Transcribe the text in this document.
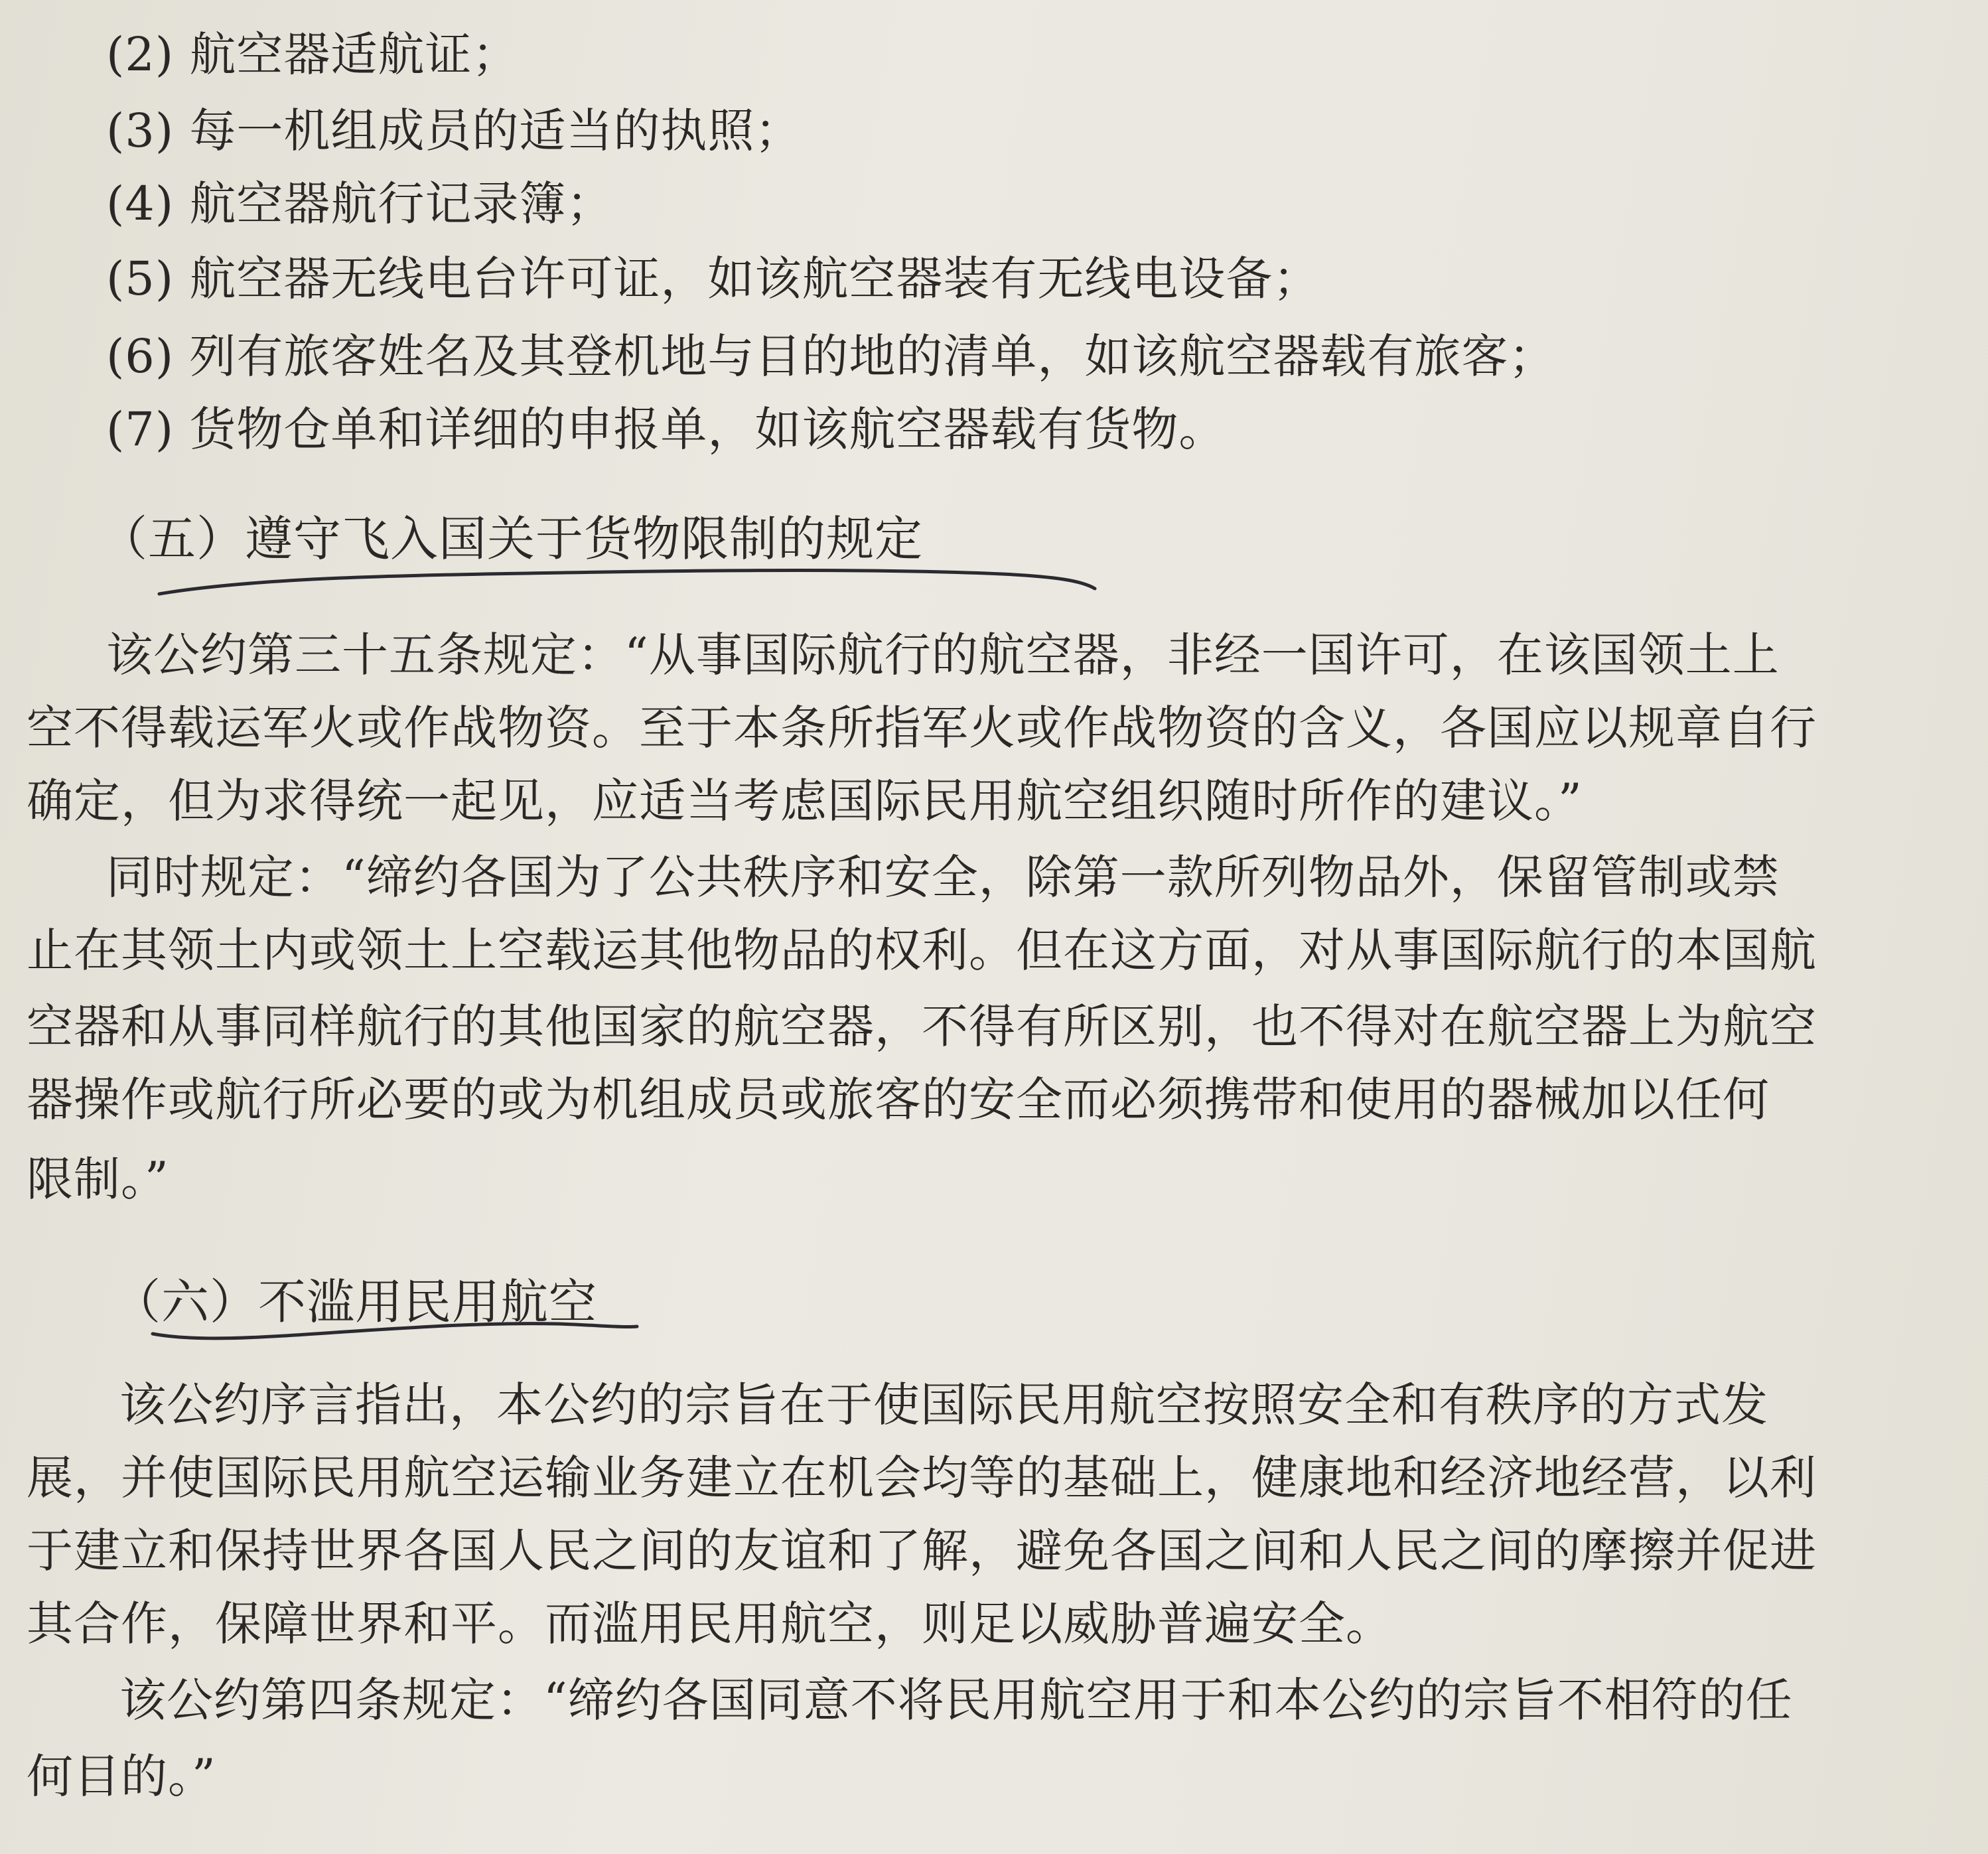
(2) 航空器适航证；
(3) 每一机组成员的适当的执照；
(4) 航空器航行记录簿；
(5) 航空器无线电台许可证，如该航空器装有无线电设备；
(6) 列有旅客姓名及其登机地与目的地的清单，如该航空器载有旅客；
(7) 货物仓单和详细的申报单，如该航空器载有货物。
（五）遵守飞入国关于货物限制的规定
该公约第三十五条规定：“从事国际航行的航空器，非经一国许可，在该国领土上
空不得载运军火或作战物资。至于本条所指军火或作战物资的含义，各国应以规章自行
确定，但为求得统一起见，应适当考虑国际民用航空组织随时所作的建议。”
同时规定：“缔约各国为了公共秩序和安全，除第一款所列物品外，保留管制或禁
止在其领土内或领土上空载运其他物品的权利。但在这方面，对从事国际航行的本国航
空器和从事同样航行的其他国家的航空器，不得有所区别，也不得对在航空器上为航空
器操作或航行所必要的或为机组成员或旅客的安全而必须携带和使用的器械加以任何
限制。”
（六）不滥用民用航空
该公约序言指出，本公约的宗旨在于使国际民用航空按照安全和有秩序的方式发
展，并使国际民用航空运输业务建立在机会均等的基础上，健康地和经济地经营，以利
于建立和保持世界各国人民之间的友谊和了解，避免各国之间和人民之间的摩擦并促进
其合作，保障世界和平。而滥用民用航空，则足以威胁普遍安全。
该公约第四条规定：“缔约各国同意不将民用航空用于和本公约的宗旨不相符的任
何目的。”
